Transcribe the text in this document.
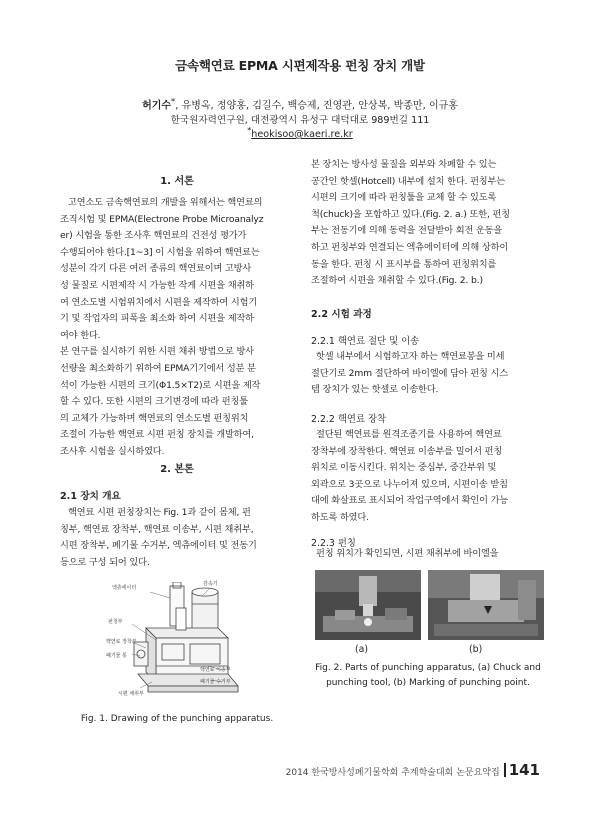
금속핵연료 EPMA 시편제작용 펀칭 장치 개발
허기수*, 유병옥, 정양홍, 김길수, 백승제, 진영관, 안상복, 박종만, 이규홍
한국원자력연구원, 대전광역시 유성구 대덕대로 989번길 111
*heokisoo@kaeri.re.kr
1. 서론
고연소도 금속핵연료의 개발을 위해서는 핵연료의
조직시험 및 EPMA(Electrone Probe Microanalyz
er) 시험을 통한 조사후 핵연료의 건전성 평가가
수행되어야 한다.[1~3] 이 시험을 위하여 핵연료는
성분이 각기 다른 여러 종류의 핵연료이며 고방사
성 물질로 시편제작 시 가능한 작게 시편을 채취하
여 연소도별 시험위치에서 시편을 제작하여 시험기
기 및 작업자의 피폭을 최소화 하여 시편을 제작하
여야 한다.
본 연구를 실시하기 위한 시편 채취 방법으로 방사
선량을 최소화하기 위하여 EPMA기기에서 성분 분
석이 가능한 시편의 크기(Φ1.5×T2)로 시편을 제작
할 수 있다. 또한 시편의 크기변경에 따라 펀칭툴
의 교체가 가능하며 핵연료의 연소도별 펀칭위치
조절이 가능한 핵연료 시편 펀칭 장치를 개발하여,
조사후 시험을 실시하였다.
2. 본론
2.1 장치 개요
핵연료 시편 펀칭장치는 Fig. 1과 같이 몸체, 펀
칭부, 핵연료 장착부, 핵연료 이송부, 시편 채취부,
시편 장착부, 폐기물 수거부, 엑츄에이터 및 전동기
등으로 구성 되어 있다.
엑츄에이터
감속기
펀칭부
핵연료 장착부
폐기물 통
시편 채취부
핵연료 이송부
폐기물 수거부
Fig. 1. Drawing of the punching apparatus.
본 장치는 방사성 물질을 외부와 차폐할 수 있는
공간인 핫셀(Hotcell) 내부에 설치 한다. 펀칭부는
시편의 크기에 따라 펀칭툴을 교체 할 수 있도록
척(chuck)을 포함하고 있다.(Fig. 2. a.) 또한, 펀칭
부는 전동기에 의해 동력을 전달받아 회전 운동을
하고 펀칭부와 연결되는 엑츄에이터에 의해 상하이
동을 한다. 펀칭 시 표시부를 통하여 펀칭위치를
조절하여 시편을 채취할 수 있다.(Fig. 2. b.)
2.2 시험 과정
2.2.1 핵연료 절단 및 이송
핫셀 내부에서 시험하고자 하는 핵연료봉을 미세
절단기로 2mm 절단하여 바이엘에 담아 펀칭 시스
템 장치가 있는 핫셀로 이송한다.
2.2.2 핵연료 장착
절단된 핵연료를 원격조종기를 사용하여 핵연료
장착부에 장착한다. 핵연료 이송부를 밀어서 펀칭
위치로 이동시킨다. 위치는 중심부, 중간부위 및
외곽으로 3곳으로 나누어져 있으며, 시편이송 받침
대에 화살표로 표시되어 작업구역에서 확인이 가능
하도록 하였다.
2.2.3 펀칭
펀칭 위치가 확인되면, 시편 채취부에 바이엘을
(a)	(b)
Fig. 2. Parts of punching apparatus, (a) Chuck and
punching tool, (b) Marking of punching point.
2014 한국방사성폐기물학회 추계학술대회 논문요약집 141
